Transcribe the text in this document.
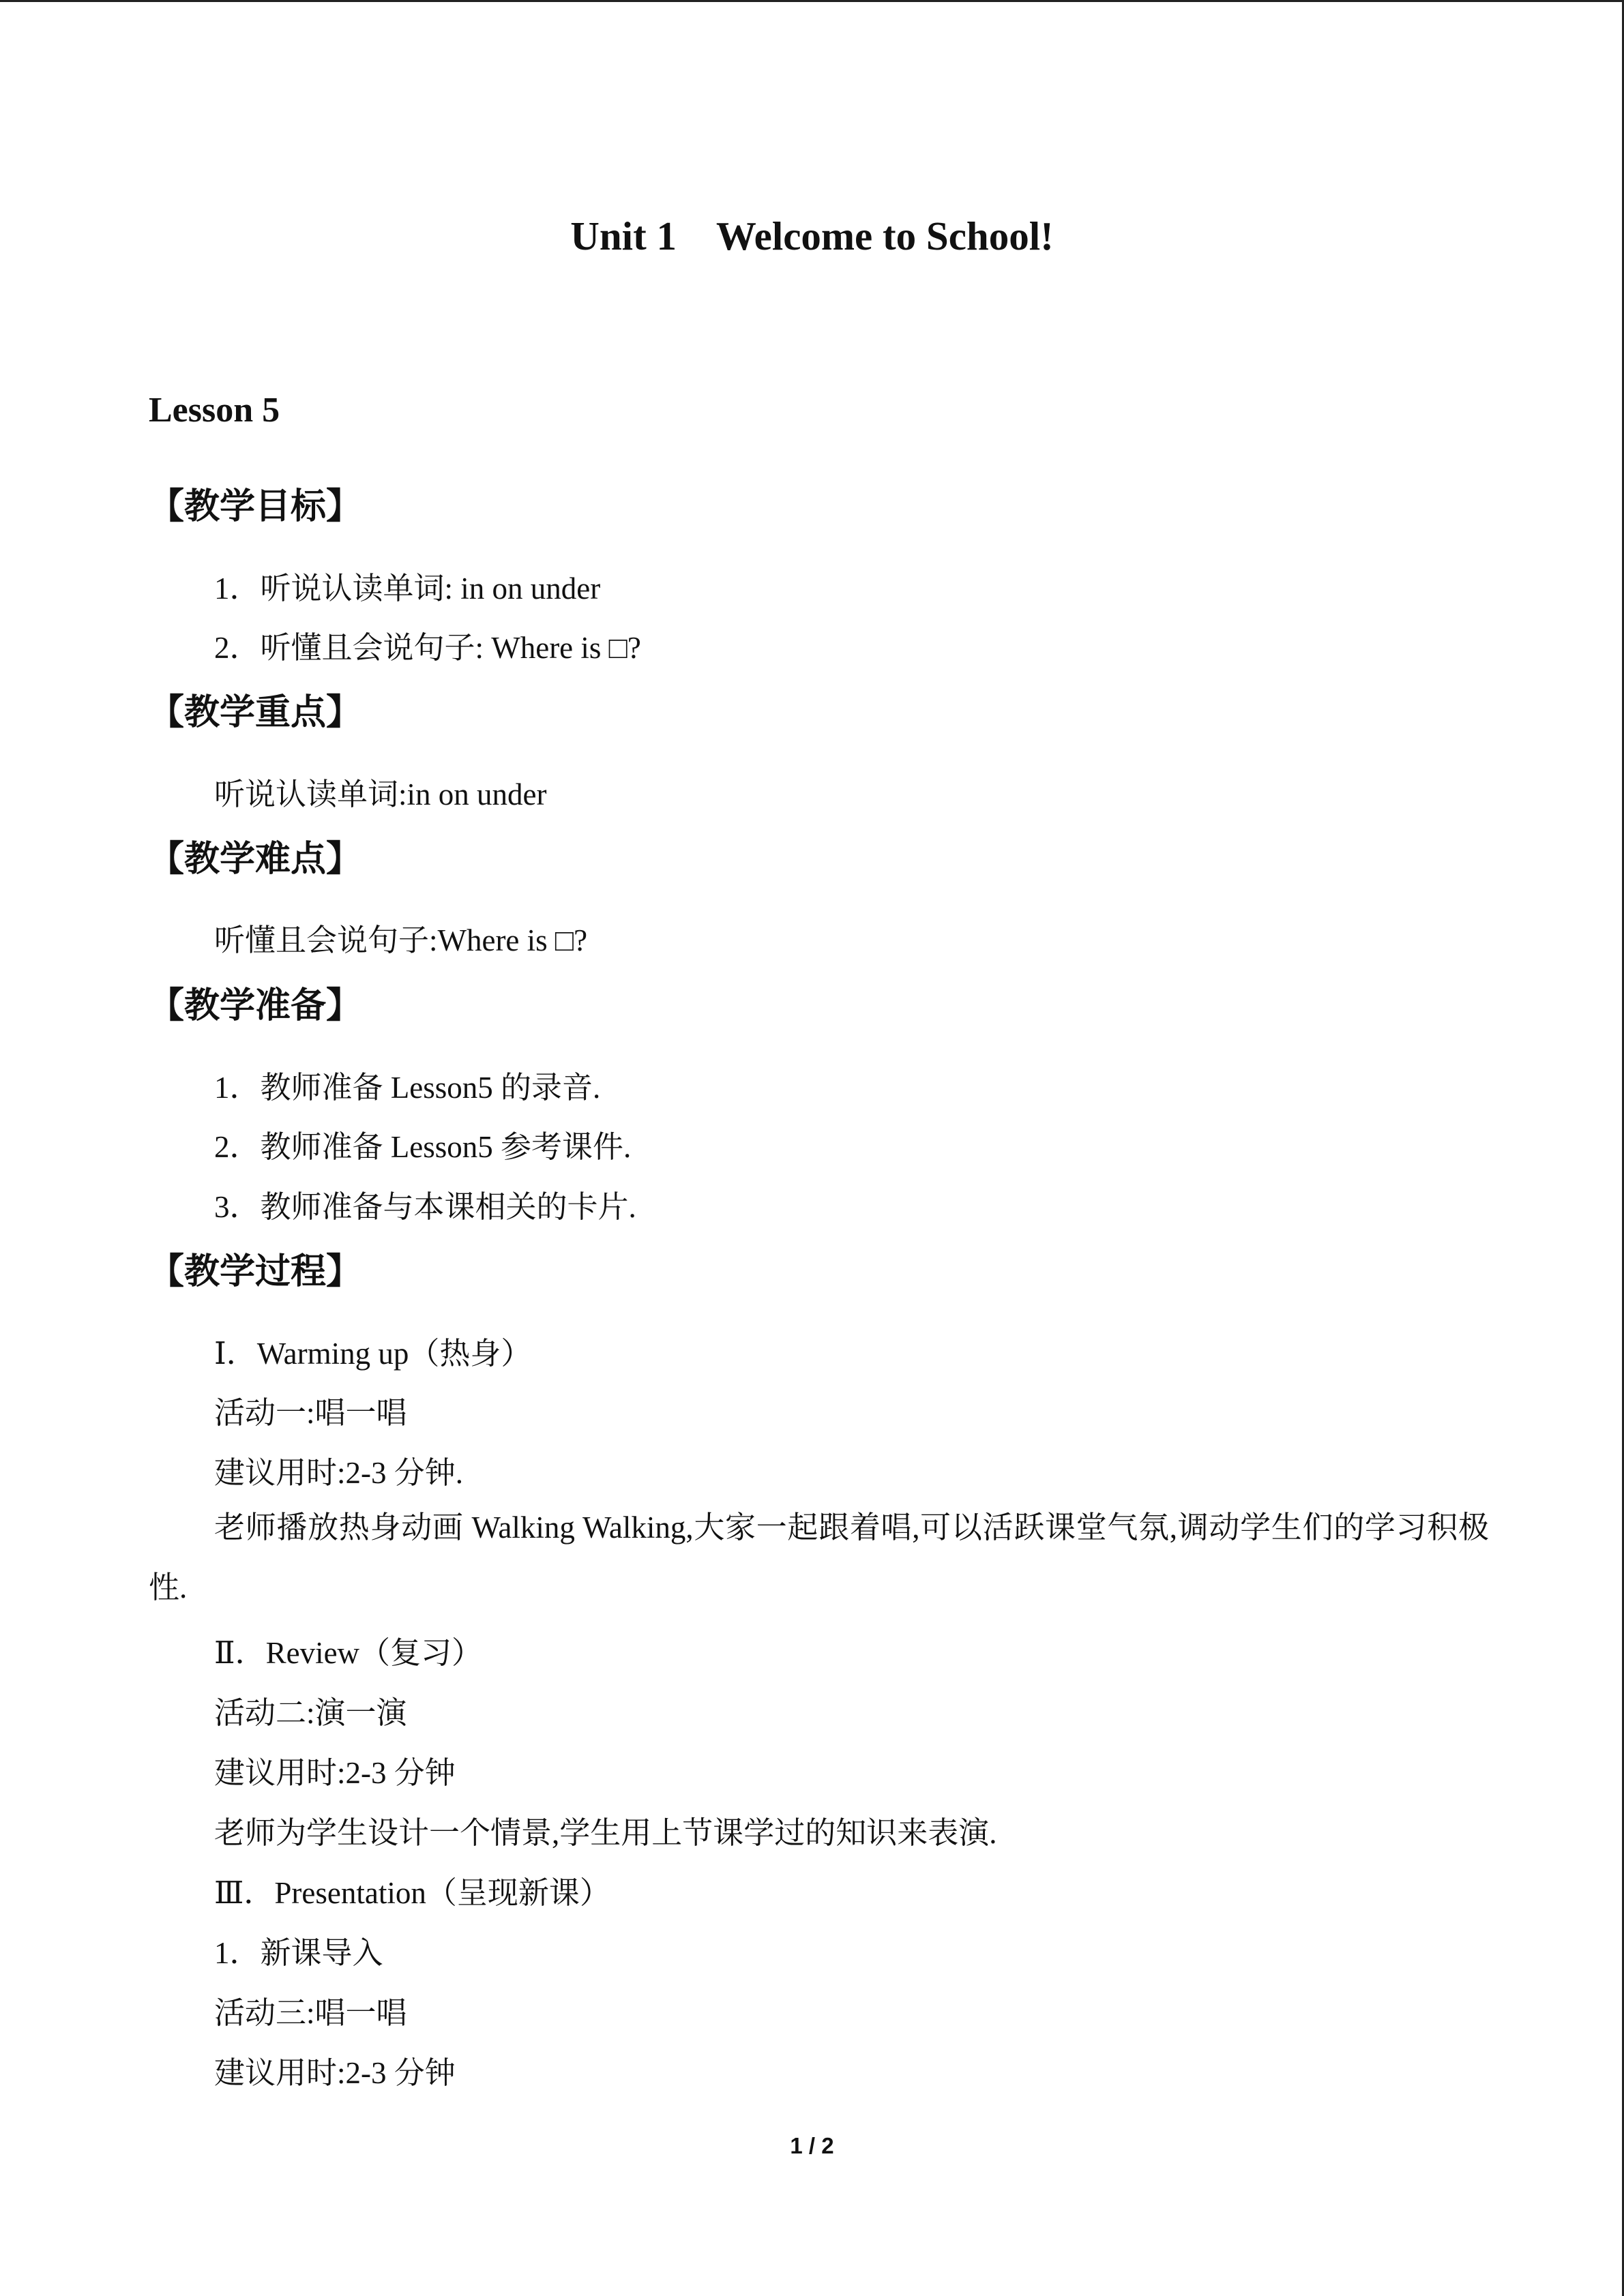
Unit 1    Welcome to School!
Lesson 5
【教学目标】
1．听说认读单词: in on under
2．听懂且会说句子: Where is □?
【教学重点】
听说认读单词:in on under
【教学难点】
听懂且会说句子:Where is □?
【教学准备】
1．教师准备 Lesson5 的录音.
2．教师准备 Lesson5 参考课件.
3．教师准备与本课相关的卡片.
【教学过程】
Ⅰ．Warming up（热身）
活动一:唱一唱
建议用时:2-3 分钟.
老师播放热身动画 Walking Walking,大家一起跟着唱,可以活跃课堂气氛,调动学生们的学习积极性.
Ⅱ．Review（复习）
活动二:演一演
建议用时:2-3 分钟
老师为学生设计一个情景,学生用上节课学过的知识来表演.
Ⅲ．Presentation（呈现新课）
1．新课导入
活动三:唱一唱
建议用时:2-3 分钟
1 / 2
